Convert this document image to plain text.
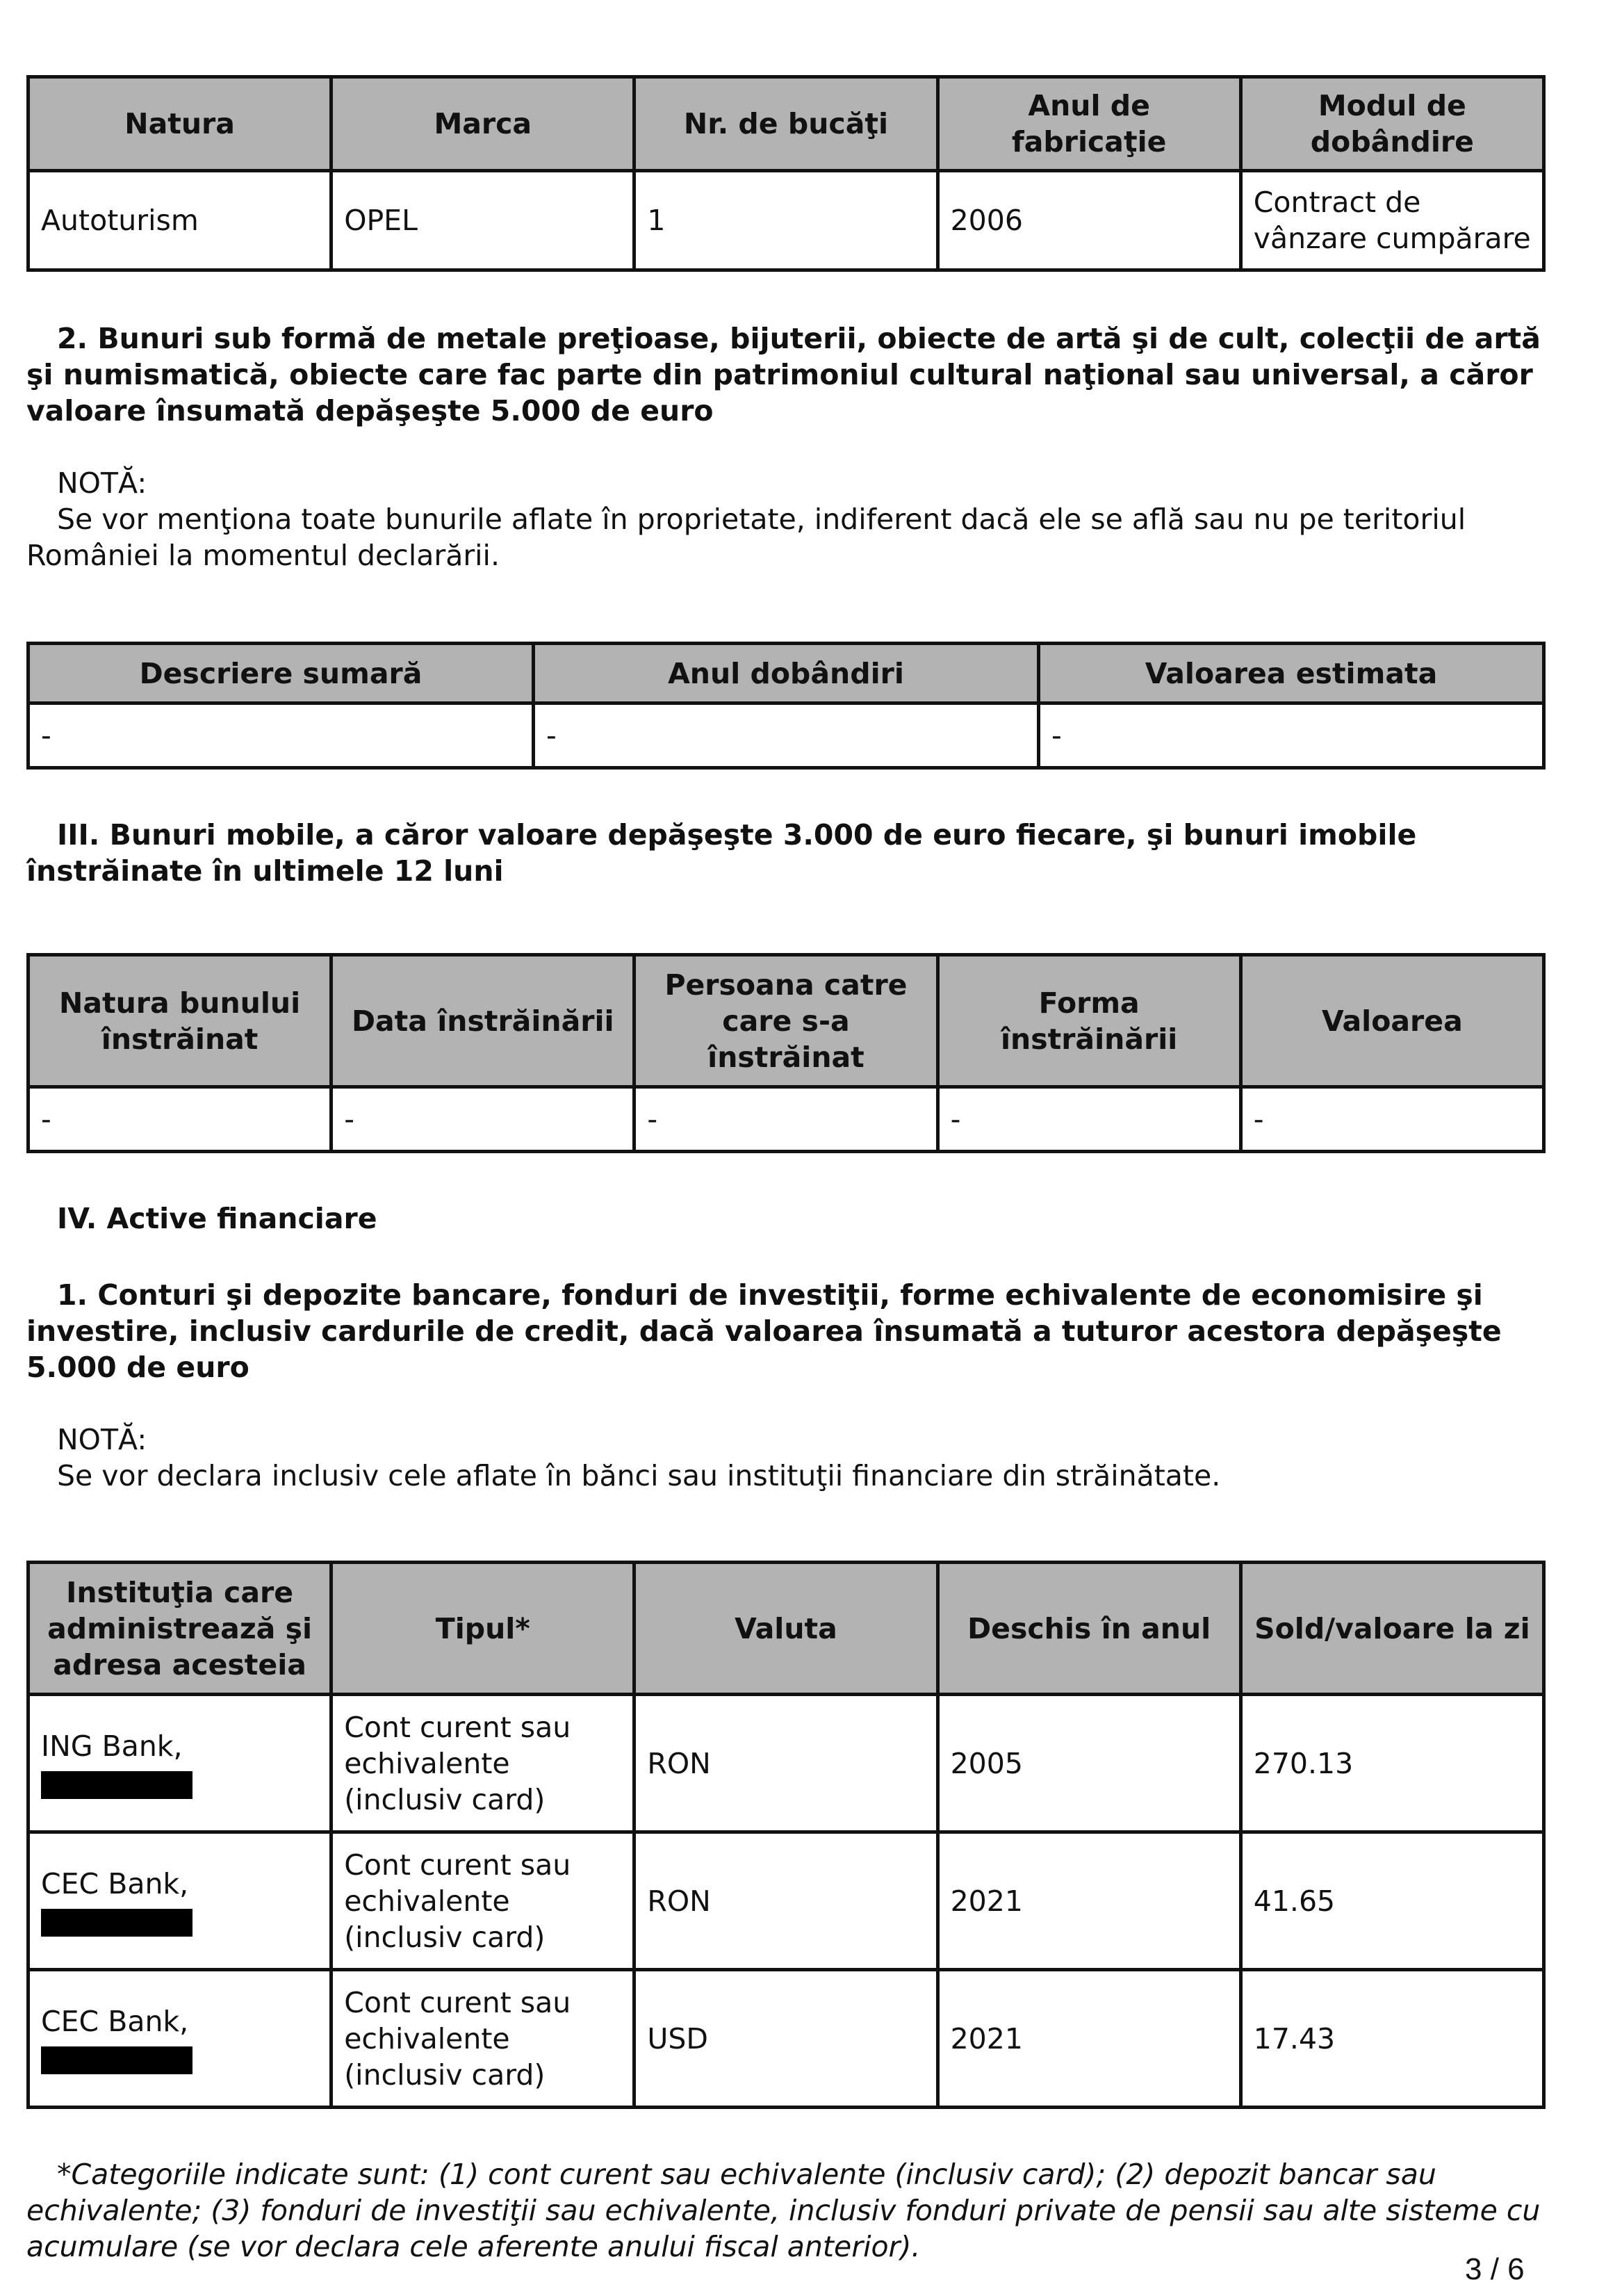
Natura	Marca	Nr. de bucăţi	Anul de fabricaţie	Modul de dobândire
Autoturism	OPEL	1	2006	Contract de vânzare cumpărare

2. Bunuri sub formă de metale preţioase, bijuterii, obiecte de artă şi de cult, colecţii de artă şi numismatică, obiecte care fac parte din patrimoniul cultural naţional sau universal, a căror valoare însumată depăşeşte 5.000 de euro

NOTĂ:

Se vor menţiona toate bunurile aflate în proprietate, indiferent dacă ele se află sau nu pe teritoriul României la momentul declarării.

Descriere sumară	Anul dobândiri	Valoarea estimata
-	-	-

III. Bunuri mobile, a căror valoare depăşeşte 3.000 de euro fiecare, şi bunuri imobile înstrăinate în ultimele 12 luni

Natura bunului înstrăinat	Data înstrăinării	Persoana catre care s-a înstrăinat	Forma înstrăinării	Valoarea
-	-	-	-	-

IV. Active financiare

1. Conturi şi depozite bancare, fonduri de investiţii, forme echivalente de economisire şi investire, inclusiv cardurile de credit, dacă valoarea însumată a tuturor acestora depăşeşte 5.000 de euro

NOTĂ:

Se vor declara inclusiv cele aflate în bănci sau instituţii financiare din străinătate.

Instituţia care administrează şi adresa acesteia	Tipul*	Valuta	Deschis în anul	Sold/valoare la zi
ING Bank,	Cont curent sau echivalente (inclusiv card)	RON	2005	270.13
CEC Bank,	Cont curent sau echivalente (inclusiv card)	RON	2021	41.65
CEC Bank,	Cont curent sau echivalente (inclusiv card)	USD	2021	17.43

*Categoriile indicate sunt: (1) cont curent sau echivalente (inclusiv card); (2) depozit bancar sau echivalente; (3) fonduri de investiţii sau echivalente, inclusiv fonduri private de pensii sau alte sisteme cu acumulare (se vor declara cele aferente anului fiscal anterior).

3 / 6
